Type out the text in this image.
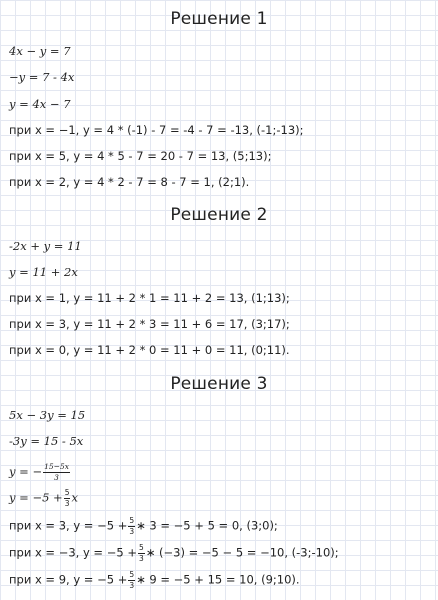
Решение 1
4x − y = 7
−y = 7 - 4x
y = 4x − 7
при x = −1, y = 4 * (-1) - 7 = -4 - 7 = -13, (-1;-13);
при x = 5, y = 4 * 5 - 7 = 20 - 7 = 13, (5;13);
при x = 2, y = 4 * 2 - 7 = 8 - 7 = 1, (2;1).
Решение 2
-2x + y = 11
y = 11 + 2x
при x = 1, y = 11 + 2 * 1 = 11 + 2 = 13, (1;13);
при x = 3, y = 11 + 2 * 3 = 11 + 6 = 17, (3;17);
при x = 0, y = 11 + 2 * 0 = 11 + 0 = 11, (0;11).
Решение 3
5x − 3y = 15
-3y = 15 - 5x
y = − $\frac{15-5x}{3}$
$y = -5 + \frac{5}{3}$ x
при x = 3, $y = -5 + \frac{5}{3}$ ∗ 3 = −5 + 5 = 0, (3;0);
при x = −3, $y = -5 + \frac{5}{3}$ ∗ (−3) = −5 − 5 = −10, (-3;-10);
при x = 9, $y = -5 + \frac{5}{3}$ ∗ 9 = −5 + 15 = 10, (9;10).
